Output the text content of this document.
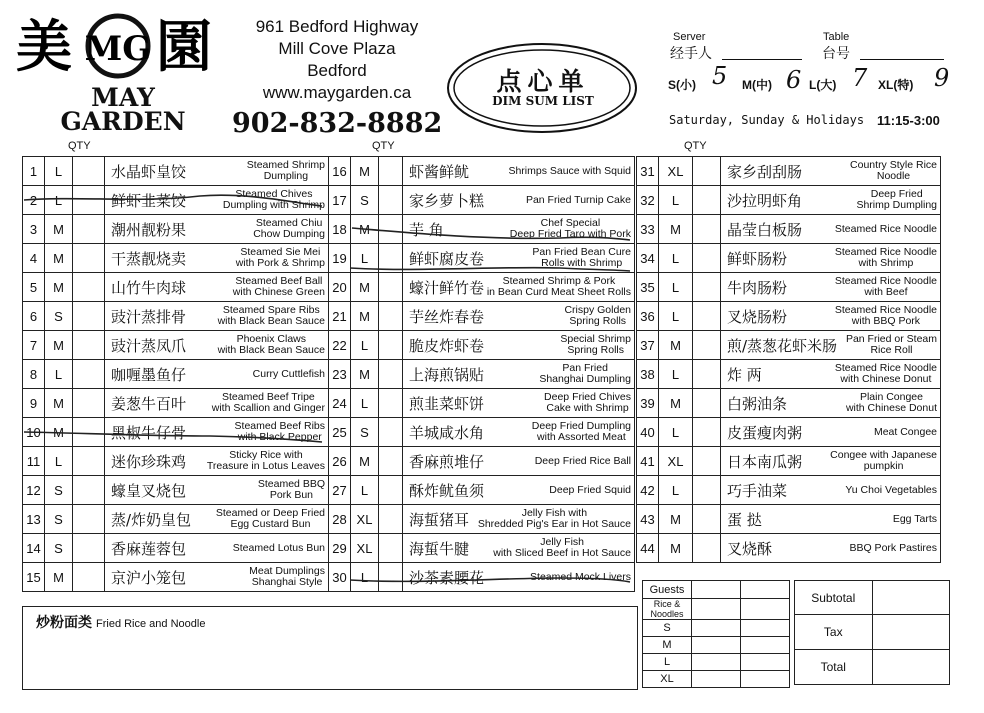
美 MG 園
MAY
GARDEN
961 Bedford Highway
Mill Cove Plaza
Bedford
www.maygarden.ca
902-832-8882
点心单
DIM SUM LIST
Server
经手人
Table
台号
S(小) 5 M(中) 6 L(大) 7 XL(特) 9
Saturday, Sunday & Holidays 11:15-3:00
QTY	QTY	QTY
1	L		水晶虾皇饺 Steamed Shrimp
Dumpling

2	L		鲜虾韭菜饺 Steamed Chives
Dumpling with Shrimp

3	M		潮州靓粉果 Steamed Chiu
Chow Dumping

4	M		干蒸靓烧卖 Steamed Sie Mei
with Pork & Shrimp

5	M		山竹牛肉球 Steamed Beef Ball
with Chinese Green

6	S		豉汁蒸排骨 Steamed Spare Ribs
with Black Bean Sauce

7	M		豉汁蒸凤爪 Phoenix Claws
with Black Bean Sauce

8	L		咖喱墨鱼仔 Curry Cuttlefish

9	M		姜葱牛百叶 Steamed Beef Tripe
with Scallion and Ginger

10	M		黑椒牛仔骨 Steamed Beef Ribs
with Black Pepper

11	L		迷你珍珠鸡 Sticky Rice with
Treasure in Lotus Leaves

12	S		蠔皇叉烧包 Steamed BBQ
Pork Bun

13	S		蒸/炸奶皇包 Steamed or Deep Fried
Egg Custard Bun

14	S		香麻莲蓉包 Steamed Lotus Bun

15	M		京沪小笼包 Meat Dumplings
Shanghai Style
16	M		虾酱鲜鱿 Shrimps Sauce with Squid

17	S		家乡萝卜糕 Pan Fried Turnip Cake

18	M		芋 角 Chef Special
Deep Fried Taro with Pork

19	L		鲜虾腐皮卷 Pan Fried Bean Cure
Rolls with Shrimp

20	M		蠔汁鲜竹卷 Steamed Shrimp & Pork
in Bean Curd Meat Sheet Rolls

21	M		芋丝炸春卷 Crispy Golden
Spring Rolls

22	L		脆皮炸虾卷 Special Shrimp
Spring Rolls

23	M		上海煎锅贴 Pan Fried
Shanghai Dumpling

24	L		煎韭菜虾饼 Deep Fried Chives
Cake with Shrimp

25	S		羊城咸水角 Deep Fried Dumpling
with Assorted Meat

26	M		香麻煎堆仔 Deep Fried Rice Ball

27	L		酥炸鱿鱼须 Deep Fried Squid

28	XL		海蜇猪耳 Jelly Fish with
Shredded Pig's Ear in Hot Sauce

29	XL		海蜇牛腱 Jelly Fish
with Sliced Beef in Hot Sauce

30	L		沙茶素腰花 Steamed Mock Livers
31	XL		家乡刮刮肠 Country Style Rice
Noodle

32	L		沙拉明虾角 Deep Fried
Shrimp Dumpling

33	M		晶莹白板肠 Steamed Rice Noodle

34	L		鲜虾肠粉 Steamed Rice Noodle
with Shrimp

35	L		牛肉肠粉 Steamed Rice Noodle
with Beef

36	L		叉烧肠粉 Steamed Rice Noodle
with BBQ Pork

37	M		煎/蒸葱花虾米肠 Pan Fried or Steam
Rice Roll

38	L		炸 两 Steamed Rice Noodle
with Chinese Donut

39	M		白粥油条 Plain Congee
with Chinese Donut

40	L		皮蛋瘦肉粥 Meat Congee

41	XL		日本南瓜粥 Congee with Japanese
pumpkin

42	L		巧手油菜 Yu Choi Vegetables

43	M		蛋 挞 Egg Tarts

44	M		叉烧酥 BBQ Pork Pastires
炒粉面类 Fried Rice and Noodle
Guests		
Rice & Noodles		
S		
M		
L		
XL		
Subtotal	
Tax	
Total	
